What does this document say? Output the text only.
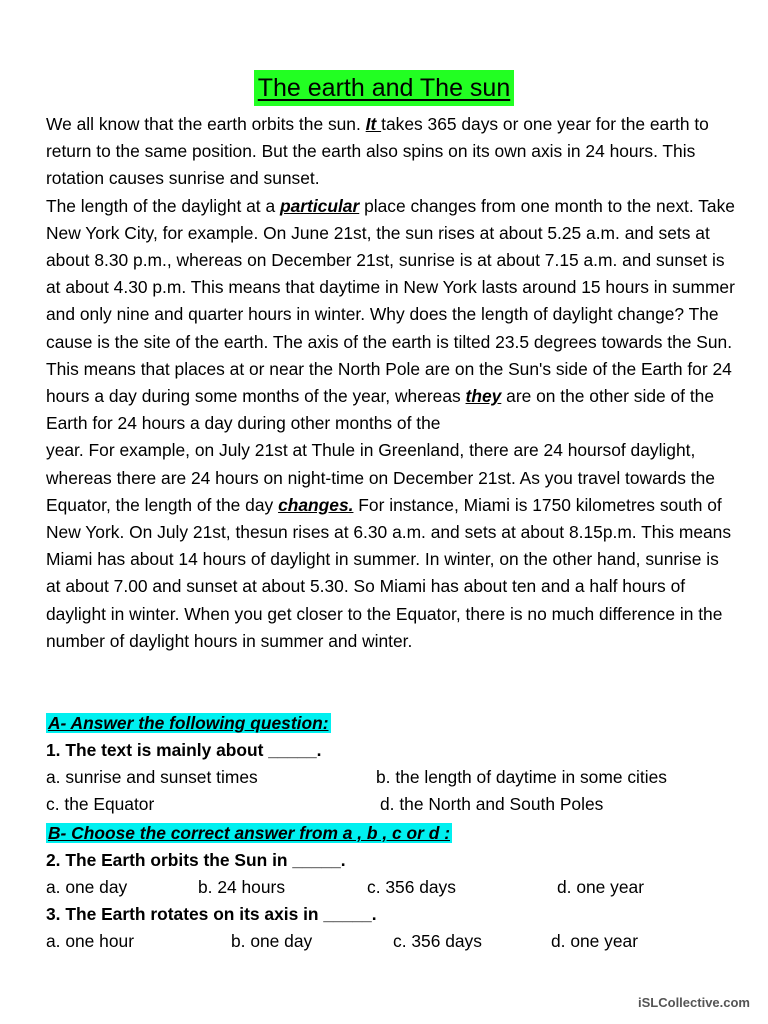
The earth and The sun

We all know that the earth orbits the sun. It takes 365 days or one year for the earth to return to the same position. But the earth also spins on its own axis in 24 hours. This rotation causes sunrise and sunset.

The length of the daylight at a particular place changes from one month to the next. Take New York City, for example. On June 21st, the sun rises at about 5.25 a.m. and sets at about 8.30 p.m., whereas on December 21st, sunrise is at about 7.15 a.m. and sunset is at about 4.30 p.m. This means that daytime in New York lasts around 15 hours in summer and only nine and quarter hours in winter. Why does the length of daylight change? The cause is the site of the earth. The axis of the earth is tilted 23.5 degrees towards the Sun. This means that places at or near the North Pole are on the Sun's side of the Earth for 24 hours a day during some months of the year, whereas they are on the other side of the Earth for 24 hours a day during other months of the

year. For example, on July 21st at Thule in Greenland, there are 24 hoursof daylight, whereas there are 24 hours on night-time on December 21st. As you travel towards the Equator, the length of the day changes. For instance, Miami is 1750 kilometres south of New York. On July 21st, thesun rises at 6.30 a.m. and sets at about 8.15p.m. This means Miami has about 14 hours of daylight in summer. In winter, on the other hand, sunrise is at about 7.00 and sunset at about 5.30. So Miami has about ten and a half hours of daylight in winter. When you get closer to the Equator, there is no much difference in the number of daylight hours in summer and winter.

A- Answer the following question:
1. The text is mainly about _____.
a. sunrise and sunset times	b. the length of daytime in some cities
c. the Equator	d. the North and South Poles
B- Choose the correct answer from a , b , c or d :
2. The Earth orbits the Sun in _____.
a. one day	b. 24 hours	c. 356 days	d. one year
3. The Earth rotates on its axis in _____.
a. one hour	b. one day	c. 356 days	d. one year
iSLCollective.com
